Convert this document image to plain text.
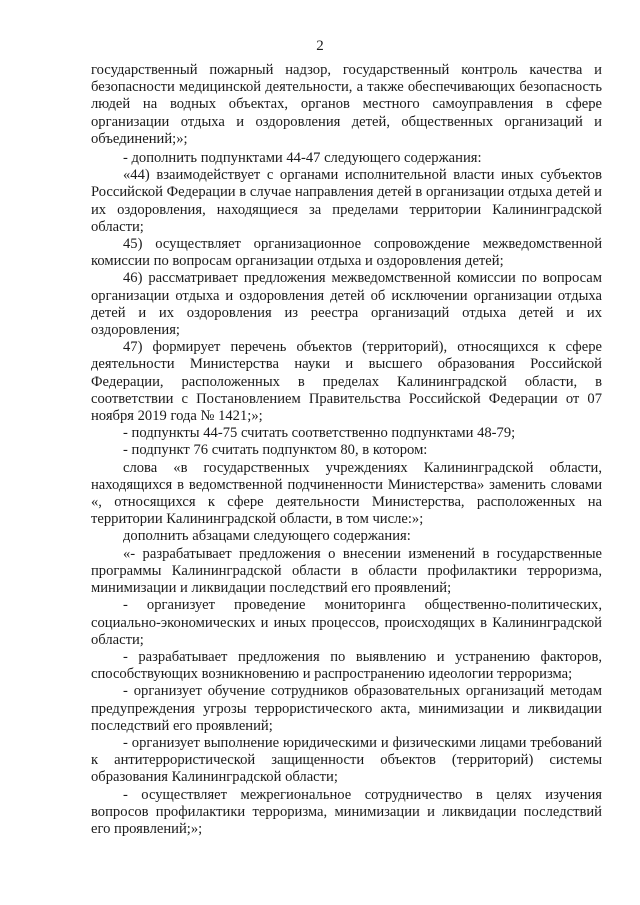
2

государственный пожарный надзор, государственный контроль качества и безопасности медицинской деятельности, а также обеспечивающих безопасность людей на водных объектах, органов местного самоуправления в сфере организации отдыха и оздоровления детей, общественных организаций и объединений;»;

- дополнить подпунктами 44-47 следующего содержания:

«44) взаимодействует с органами исполнительной власти иных субъектов Российской Федерации в случае направления детей в организации отдыха детей и их оздоровления, находящиеся за пределами территории Калининградской области;

45) осуществляет организационное сопровождение межведомственной комиссии по вопросам организации отдыха и оздоровления детей;

46) рассматривает предложения межведомственной комиссии по вопросам организации отдыха и оздоровления детей об исключении организации отдыха детей и их оздоровления из реестра организаций отдыха детей и их оздоровления;

47) формирует перечень объектов (территорий), относящихся к сфере деятельности Министерства науки и высшего образования Российской Федерации, расположенных в пределах Калининградской области, в соответствии с Постановлением Правительства Российской Федерации от 07 ноября 2019 года № 1421;»;

- подпункты 44-75 считать соответственно подпунктами 48-79;

- подпункт 76 считать подпунктом 80, в котором:

слова «в государственных учреждениях Калининградской области, находящихся в ведомственной подчиненности Министерства» заменить словами «, относящихся к сфере деятельности Министерства, расположенных на территории Калининградской области, в том числе:»;

дополнить абзацами следующего содержания:

«- разрабатывает предложения о внесении изменений в государственные программы Калининградской области в области профилактики терроризма, минимизации и ликвидации последствий его проявлений;

- организует проведение мониторинга общественно-политических, социально-экономических и иных процессов, происходящих в Калининградской области;

- разрабатывает предложения по выявлению и устранению факторов, способствующих возникновению и распространению идеологии терроризма;

- организует обучение сотрудников образовательных организаций методам предупреждения угрозы террористического акта, минимизации и ликвидации последствий его проявлений;

- организует выполнение юридическими и физическими лицами требований к антитеррористической защищенности объектов (территорий) системы образования Калининградской области;

- осуществляет межрегиональное сотрудничество в целях изучения вопросов профилактики терроризма, минимизации и ликвидации последствий его проявлений;»;
